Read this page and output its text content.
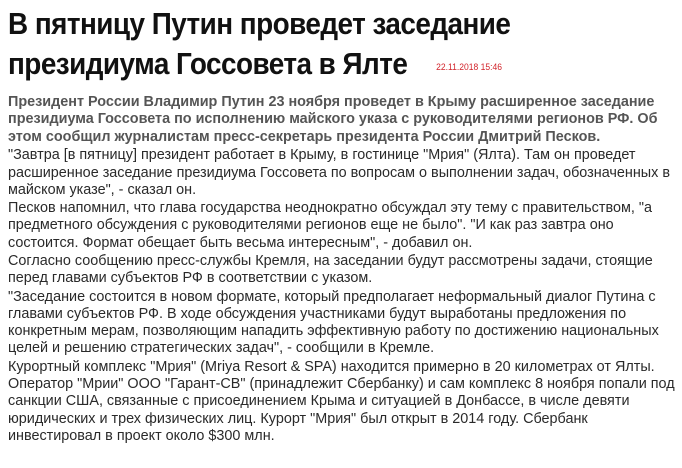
В пятницу Путин проведет заседание президиума Госсовета в Ялте	22.11.2018 15:46

Президент России Владимир Путин 23 ноября проведет в Крыму расширенное заседание президиума Госсовета по исполнению майского указа с руководителями регионов РФ. Об этом сообщил журналистам пресс-секретарь президента России Дмитрий Песков.

"Завтра [в пятницу] президент работает в Крыму, в гостинице "Мрия" (Ялта). Там он проведет расширенное заседание президиума Госсовета по вопросам о выполнении задач, обозначенных в майском указе", - сказал он.

Песков напомнил, что глава государства неоднократно обсуждал эту тему с правительством, "а предметного обсуждения с руководителями регионов еще не было". "И как раз завтра оно состоится. Формат обещает быть весьма интересным", - добавил он.

Согласно сообщению пресс-службы Кремля, на заседании будут рассмотрены задачи, стоящие перед главами субъектов РФ в соответствии с указом.

"Заседание состоится в новом формате, который предполагает неформальный диалог Путина с главами субъектов РФ. В ходе обсуждения участниками будут выработаны предложения по конкретным мерам, позволяющим нападить эффективную работу по достижению национальных целей и решению стратегических задач", - сообщили в Кремле.

Курортный комплекс "Мрия" (Mriya Resort & SPA) находится примерно в 20 километрах от Ялты. Оператор "Мрии" ООО "Гарант-СВ" (принадлежит Сбербанку) и сам комплекс 8 ноября попали под санкции США, связанные с присоединением Крыма и ситуацией в Донбассе, в числе девяти юридических и трех физических лиц. Курорт "Мрия" был открыт в 2014 году. Сбербанк инвестировал в проект около $300 млн.
